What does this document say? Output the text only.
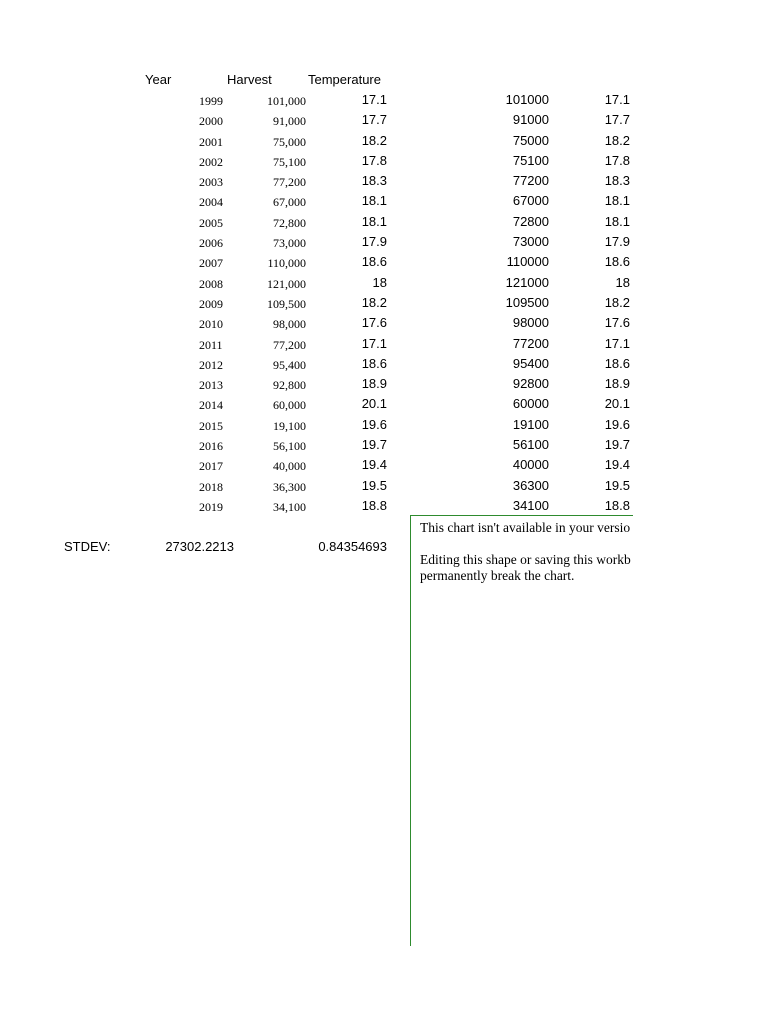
Year	Harvest	Temperature
1999	101,000	17.1
2000	91,000	17.7
2001	75,000	18.2
2002	75,100	17.8
2003	77,200	18.3
2004	67,000	18.1
2005	72,800	18.1
2006	73,000	17.9
2007	110,000	18.6
2008	121,000	18
2009	109,500	18.2
2010	98,000	17.6
2011	77,200	17.1
2012	95,400	18.6
2013	92,800	18.9
2014	60,000	20.1
2015	19,100	19.6
2016	56,100	19.7
2017	40,000	19.4
2018	36,300	19.5
2019	34,100	18.8
101000	17.1
91000	17.7
75000	18.2
75100	17.8
77200	18.3
67000	18.1
72800	18.1
73000	17.9
110000	18.6
121000	18
109500	18.2
98000	17.6
77200	17.1
95400	18.6
92800	18.9
60000	20.1
19100	19.6
56100	19.7
40000	19.4
36300	19.5
34100	18.8
STDEV:	27302.2213	0.84354693

This chart isn't available in your versio

Editing this shape or saving this workb

permanently break the chart.
